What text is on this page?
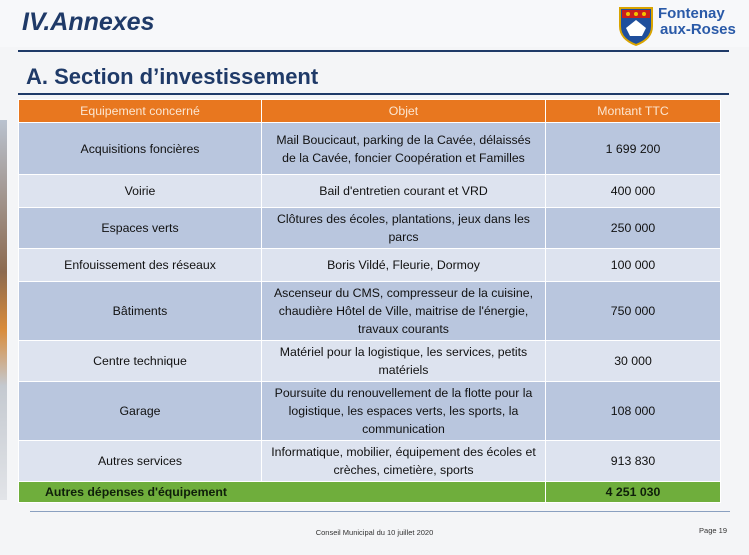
IV.Annexes	Fontenay
aux-Roses
A. Section d’investissement
Equipement concerné	Objet	Montant TTC
Acquisitions foncières	Mail Boucicaut, parking de la Cavée, délaissés de la Cavée, foncier Coopération et Familles	1 699 200
Voirie	Bail d'entretien courant et VRD	400 000
Espaces verts	Clôtures des écoles, plantations, jeux dans les parcs	250 000
Enfouissement des réseaux	Boris Vildé, Fleurie, Dormoy	100 000
Bâtiments	Ascenseur du CMS, compresseur de la cuisine, chaudière Hôtel de Ville, maitrise de l'énergie, travaux courants	750 000
Centre technique	Matériel pour la logistique, les services, petits matériels	30 000
Garage	Poursuite du renouvellement de la flotte pour la logistique, les espaces verts, les sports, la communication	108 000
Autres services	Informatique, mobilier, équipement des écoles et crèches, cimetière, sports	913 830
Autres dépenses d'équipement		4 251 030
Conseil Municipal du 10 juillet 2020	Page 19
